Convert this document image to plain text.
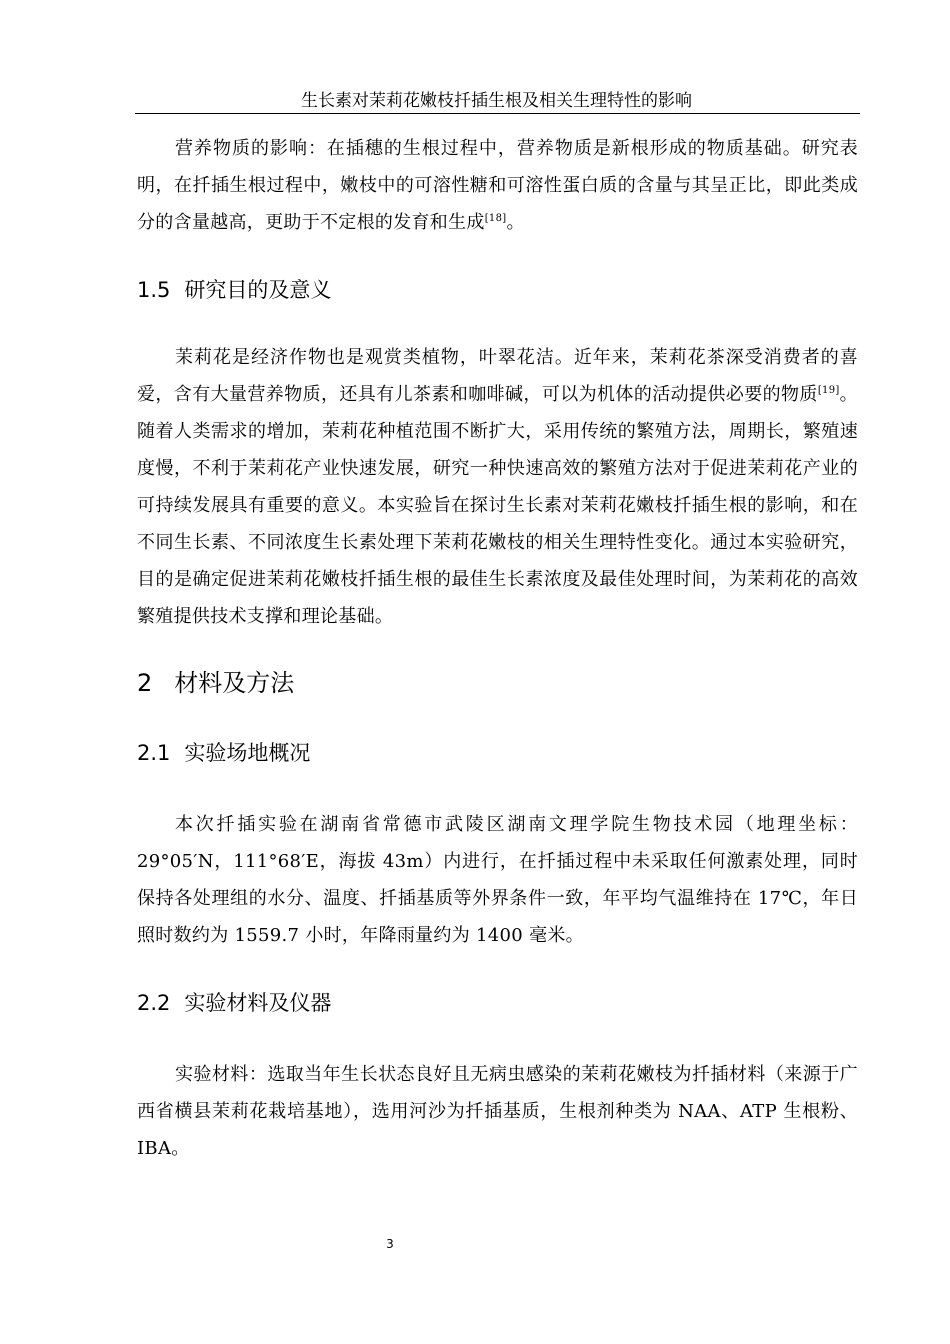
生长素对茉莉花嫩枝扦插生根及相关生理特性的影响

营养物质的影响：在插穗的生根过程中，营养物质是新根形成的物质基础。研究表明，在扦插生根过程中，嫩枝中的可溶性糖和可溶性蛋白质的含量与其呈正比，即此类成分的含量越高，更助于不定根的发育和生成[18]。

1.5 研究目的及意义

茉莉花是经济作物也是观赏类植物，叶翠花洁。近年来，茉莉花茶深受消费者的喜爱，含有大量营养物质，还具有儿茶素和咖啡碱，可以为机体的活动提供必要的物质[19]。随着人类需求的增加，茉莉花种植范围不断扩大，采用传统的繁殖方法，周期长，繁殖速度慢，不利于茉莉花产业快速发展，研究一种快速高效的繁殖方法对于促进茉莉花产业的可持续发展具有重要的意义。本实验旨在探讨生长素对茉莉花嫩枝扦插生根的影响，和在不同生长素、不同浓度生长素处理下茉莉花嫩枝的相关生理特性变化。通过本实验研究，目的是确定促进茉莉花嫩枝扦插生根的最佳生长素浓度及最佳处理时间，为茉莉花的高效繁殖提供技术支撑和理论基础。

2 材料及方法
2.1 实验场地概况

本次扦插实验在湖南省常德市武陵区湖南文理学院生物技术园（地理坐标：29°05′N，111°68′E，海拔 43m）内进行，在扦插过程中未采取任何激素处理，同时保持各处理组的水分、温度、扦插基质等外界条件一致，年平均气温维持在 17℃，年日照时数约为 1559.7 小时，年降雨量约为 1400 毫米。

2.2 实验材料及仪器

实验材料：选取当年生长状态良好且无病虫感染的茉莉花嫩枝为扦插材料（来源于广西省横县茉莉花栽培基地），选用河沙为扦插基质，生根剂种类为 NAA、ATP 生根粉、IBA。

3
